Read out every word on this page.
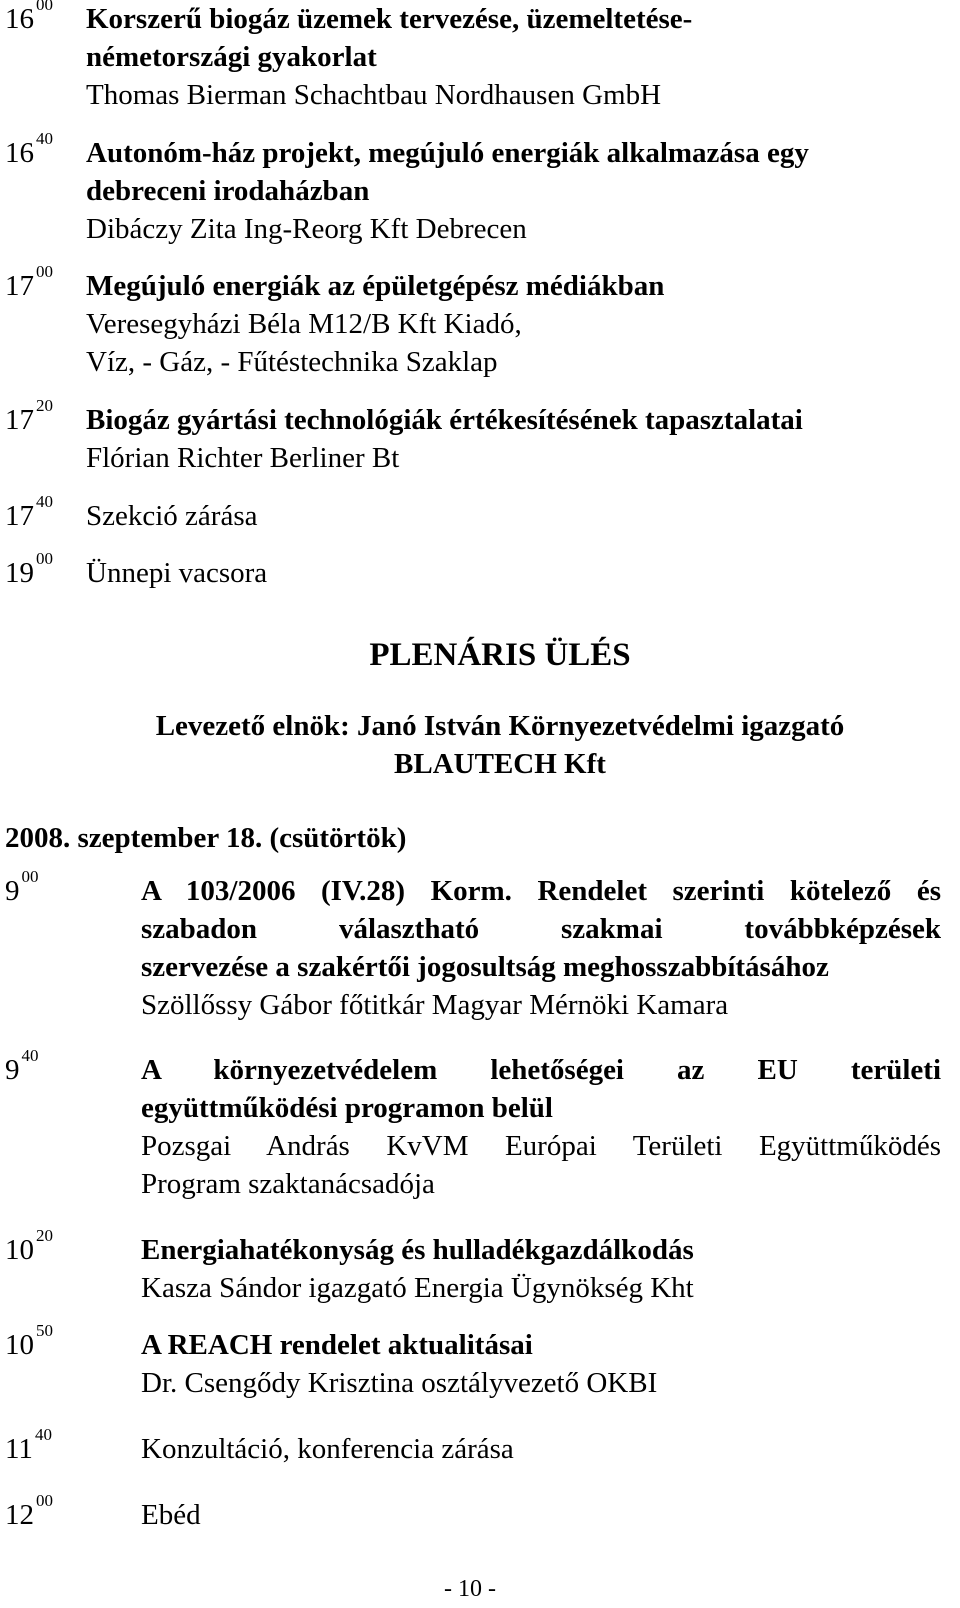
16 $^{00}$ Korszerű biogáz üzemek tervezése, üzemeltetése-
németországi gyakorlat
Thomas Bierman Schachtbau Nordhausen GmbH
16 $^{40}$ Autonóm-ház projekt, megújuló energiák alkalmazása egy
debreceni irodaházban
Dibáczy Zita Ing-Reorg Kft Debrecen
17 $^{00}$ Megújuló energiák az épületgépész médiákban
Veresegyházi Béla M12/B Kft Kiadó,
Víz, - Gáz, - Fűtéstechnika Szaklap
17 $^{20}$ Biogáz gyártási technológiák értékesítésének tapasztalatai
Flórian Richter Berliner Bt
17 $^{40}$ Szekció zárása
19 $^{00}$ Ünnepi vacsora
PLENÁRIS ÜLÉS
Levezető elnök: Janó István Környezetvédelmi igazgató
BLAUTECH Kft
2008. szeptember 18. (csütörtök)
9 $^{00}$	A 103/2006 (IV.28) Korm. Rendelet szerinti kötelező és
szabadon választható szakmai továbbképzések
szervezése a szakértői jogosultság meghosszabbításához
Szöllőssy Gábor főtitkár Magyar Mérnöki Kamara
9 $^{40}$	A környezetvédelem lehetőségei az EU területi
együttműködési programon belül
Pozsgai András KvVM Európai Területi Együttműködés
Program szaktanácsadója
10 $^{20}$	Energiahatékonyság és hulladékgazdálkodás
Kasza Sándor igazgató Energia Ügynökség Kht
10 $^{50}$	A REACH rendelet aktualitásai
Dr. Csengődy Krisztina osztályvezető OKBI
11 $^{40}$	Konzultáció, konferencia zárása
12 $^{00}$	Ebéd
- 10 -
